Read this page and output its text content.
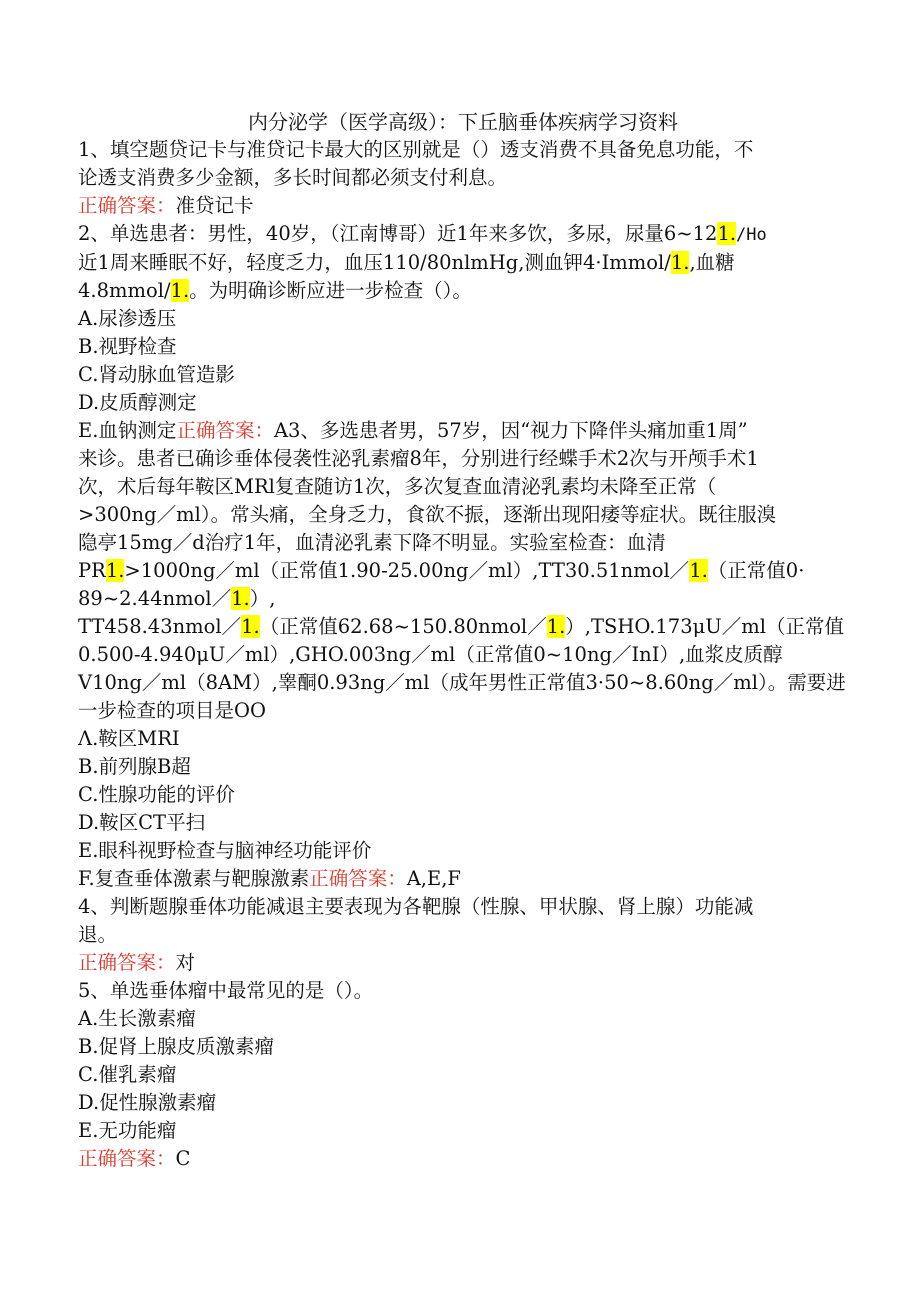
内分泌学（医学高级）：下丘脑垂体疾病学习资料
1、填空题贷记卡与准贷记卡最大的区别就是（）透支消费不具备免息功能，不
论透支消费多少金额，多长时间都必须支付利息。
正确答案：准贷记卡
2、单选患者：男性，40岁，（江南博哥）近1年来多饮，多尿，尿量6~121./Ho
近1周来睡眠不好，轻度乏力，血压110/80nlmHg,测血钾4·Immol/1.,血糖
4.8mmol/1.。为明确诊断应进一步检查（）。
A.尿渗透压
B.视野检查
C.肾动脉血管造影
D.皮质醇测定
E.血钠测定正确答案：A3、多选患者男，57岁，因“视力下降伴头痛加重1周”
来诊。患者已确诊垂体侵袭性泌乳素瘤8年，分别进行经蝶手术2次与开颅手术1
次，术后每年鞍区MRl复查随访1次，多次复查血清泌乳素均未降至正常（
>300ng／ml）。常头痛，全身乏力，食欲不振，逐渐出现阳痿等症状。既往服溴
隐亭15mg／d治疗1年，血清泌乳素下降不明显。实验室检查：血清
PR1.>1000ng／ml（正常值1.90-25.00ng／ml）,TT30.51nmol／1.（正常值0·
89~2.44nmol／1.）,
TT458.43nmol／1.（正常值62.68~150.80nmol／1.）,TSHO.173μU／ml（正常值
0.500-4.940μU／ml）,GHO.003ng／ml（正常值0~10ng／InI）,血浆皮质醇
V10ng／ml（8AM）,睾酮0.93ng／ml（成年男性正常值3·50~8.60ng／ml）。需要进
一步检查的项目是OO
Λ.鞍区MRI
B.前列腺B超
C.性腺功能的评价
D.鞍区CT平扫
E.眼科视野检查与脑神经功能评价
F.复查垂体激素与靶腺激素正确答案：A,E,F
4、判断题腺垂体功能减退主要表现为各靶腺（性腺、甲状腺、肾上腺）功能减
退。
正确答案：对
5、单选垂体瘤中最常见的是（）。
A.生长激素瘤
B.促肾上腺皮质激素瘤
C.催乳素瘤
D.促性腺激素瘤
E.无功能瘤
正确答案：C
